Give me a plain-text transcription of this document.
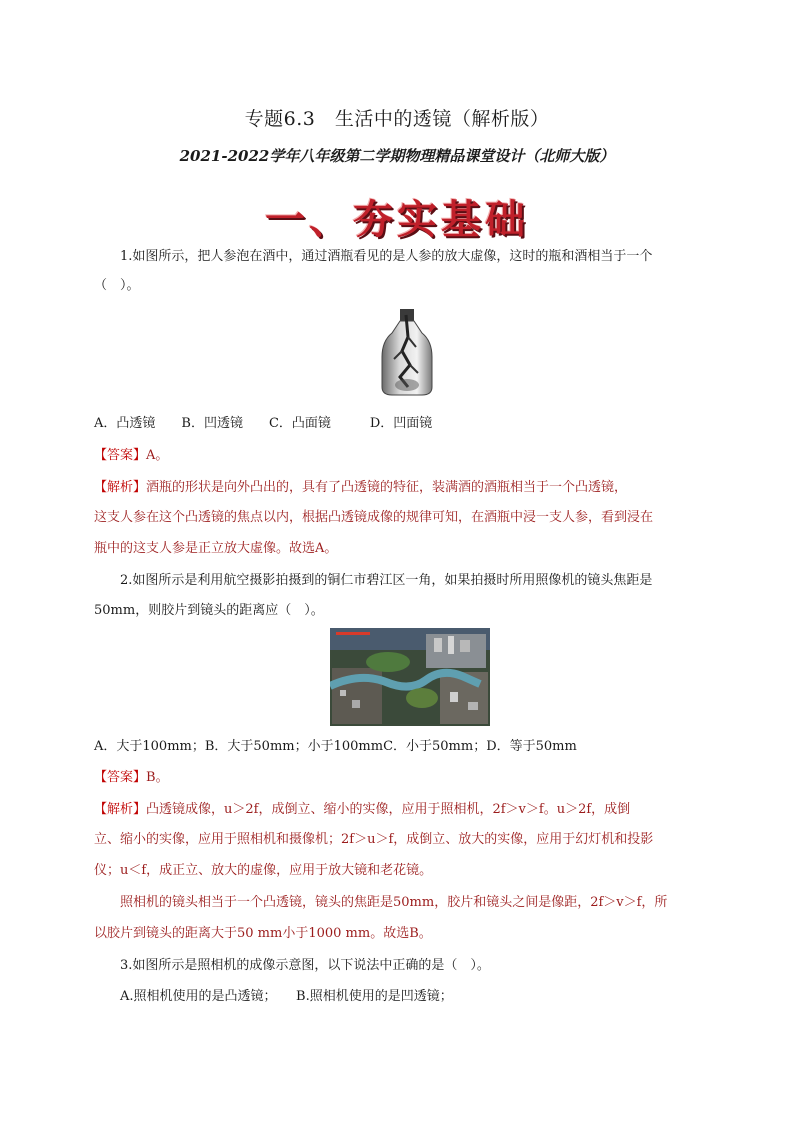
专题6.3　生活中的透镜（解析版）
2021-2022学年八年级第二学期物理精品课堂设计（北师大版）
一、夯实基础
1.如图所示，把人参泡在酒中，通过酒瓶看见的是人参的放大虚像，这时的瓶和酒相当于一个
（　）。
A．凸透镜　　B．凹透镜　　C．凸面镜　　　D．凹面镜
【答案】A。
【解析】酒瓶的形状是向外凸出的，具有了凸透镜的特征，装满酒的酒瓶相当于一个凸透镜，
这支人参在这个凸透镜的焦点以内，根据凸透镜成像的规律可知，在酒瓶中浸一支人参，看到浸在
瓶中的这支人参是正立放大虚像。故选A。
2.如图所示是利用航空摄影拍摄到的铜仁市碧江区一角，如果拍摄时所用照像机的镜头焦距是
50mm，则胶片到镜头的距离应（　）。
A．大于100mm；B．大于50mm；小于100mmC．小于50mm；D．等于50mm
【答案】B。
【解析】凸透镜成像，u＞2f，成倒立、缩小的实像，应用于照相机，2f＞v＞f。u＞2f，成倒
立、缩小的实像，应用于照相机和摄像机；2f＞u＞f，成倒立、放大的实像，应用于幻灯机和投影
仪；u＜f，成正立、放大的虚像，应用于放大镜和老花镜。
照相机的镜头相当于一个凸透镜，镜头的焦距是50mm，胶片和镜头之间是像距，2f＞v＞f，所
以胶片到镜头的距离大于50 mm小于1000 mm。故选B。
3.如图所示是照相机的成像示意图，以下说法中正确的是（　）。
A.照相机使用的是凸透镜；　　B.照相机使用的是凹透镜；
